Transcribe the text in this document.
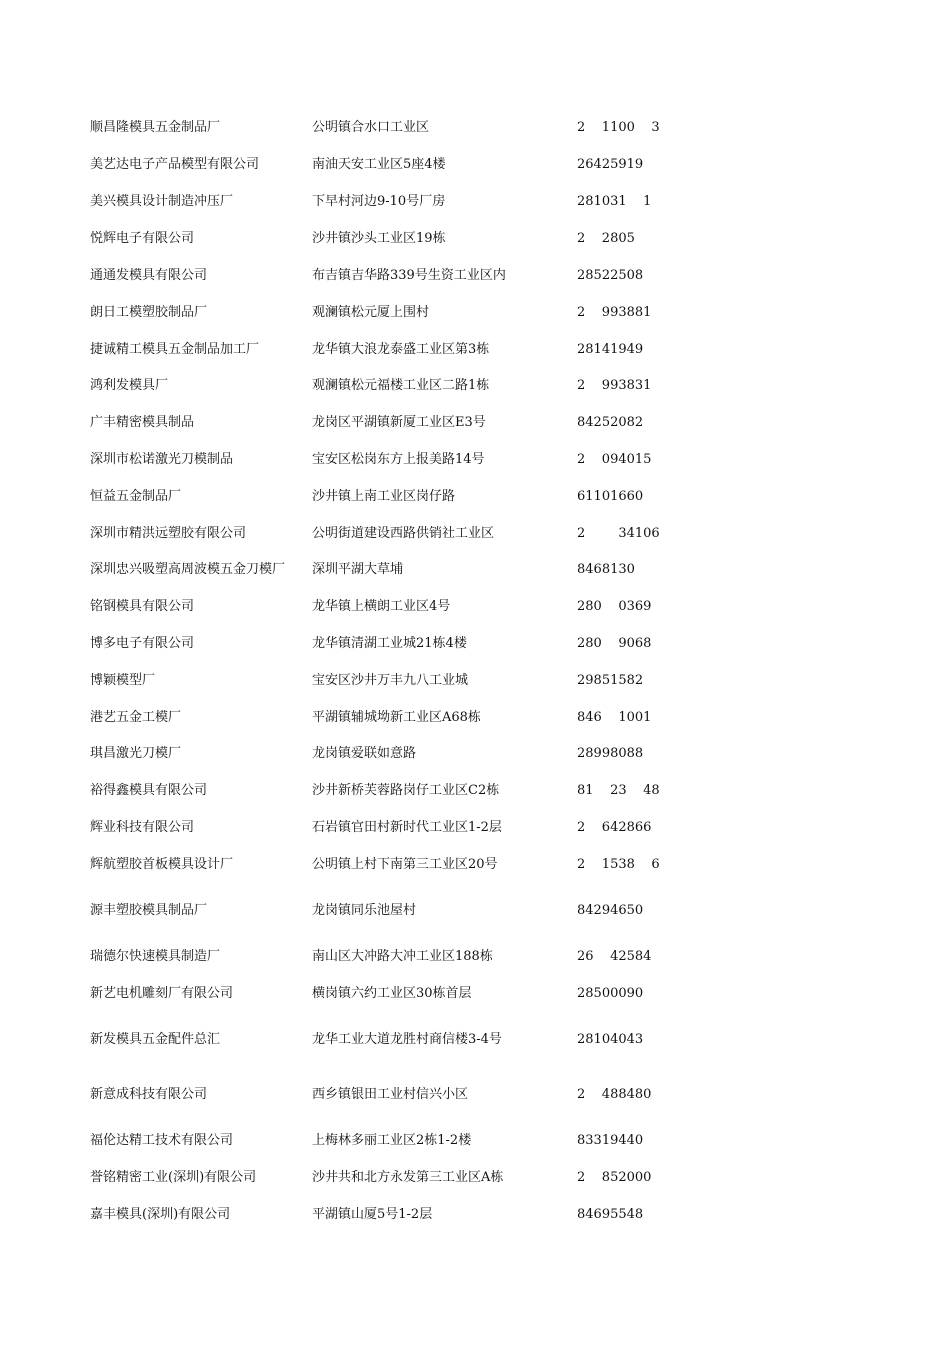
顺昌隆模具五金制品厂	公明镇合水口工业区	2    1100    3
美艺达电子产品模型有限公司	南油天安工业区5座4楼	26425919
美兴模具设计制造冲压厂	下早村河边9-10号厂房	281031    1
悦辉电子有限公司	沙井镇沙头工业区19栋	2    2805
通通发模具有限公司	布吉镇吉华路339号生资工业区内	28522508
朗日工模塑胶制品厂	观澜镇松元厦上围村	2    993881
捷诚精工模具五金制品加工厂	龙华镇大浪龙泰盛工业区第3栋	28141949
鸿利发模具厂	观澜镇松元福楼工业区二路1栋	2    993831
广丰精密模具制品	龙岗区平湖镇新厦工业区E3号	84252082
深圳市松诺激光刀模制品	宝安区松岗东方上报美路14号	2    094015
恒益五金制品厂	沙井镇上南工业区岗仔路	61101660
深圳市精洪远塑胶有限公司	公明街道建设西路供销社工业区	2        34106
深圳忠兴吸塑高周波模五金刀模厂	深圳平湖大草埔	8468130
铭钢模具有限公司	龙华镇上横朗工业区4号	280    0369
博多电子有限公司	龙华镇清湖工业城21栋4楼	280    9068
博颖模型厂	宝安区沙井万丰九八工业城	29851582
港艺五金工模厂	平湖镇辅城坳新工业区A68栋	846    1001
琪昌激光刀模厂	龙岗镇爱联如意路	28998088
裕得鑫模具有限公司	沙井新桥芙蓉路岗仔工业区C2栋	81    23    48
辉业科技有限公司	石岩镇官田村新时代工业区1-2层	2    642866
辉航塑胶首板模具设计厂	公明镇上村下南第三工业区20号	2    1538    6
源丰塑胶模具制品厂	龙岗镇同乐池屋村	84294650
瑞德尔快速模具制造厂	南山区大冲路大冲工业区188栋	26    42584
新艺电机雕刻厂有限公司	横岗镇六约工业区30栋首层	28500090
新发模具五金配件总汇	龙华工业大道龙胜村商信楼3-4号	28104043
新意成科技有限公司	西乡镇银田工业村信兴小区	2    488480
福伦达精工技术有限公司	上梅林多丽工业区2栋1-2楼	83319440
誉铭精密工业(深圳)有限公司	沙井共和北方永发第三工业区A栋	2    852000
嘉丰模具(深圳)有限公司	平湖镇山厦5号1-2层	84695548
